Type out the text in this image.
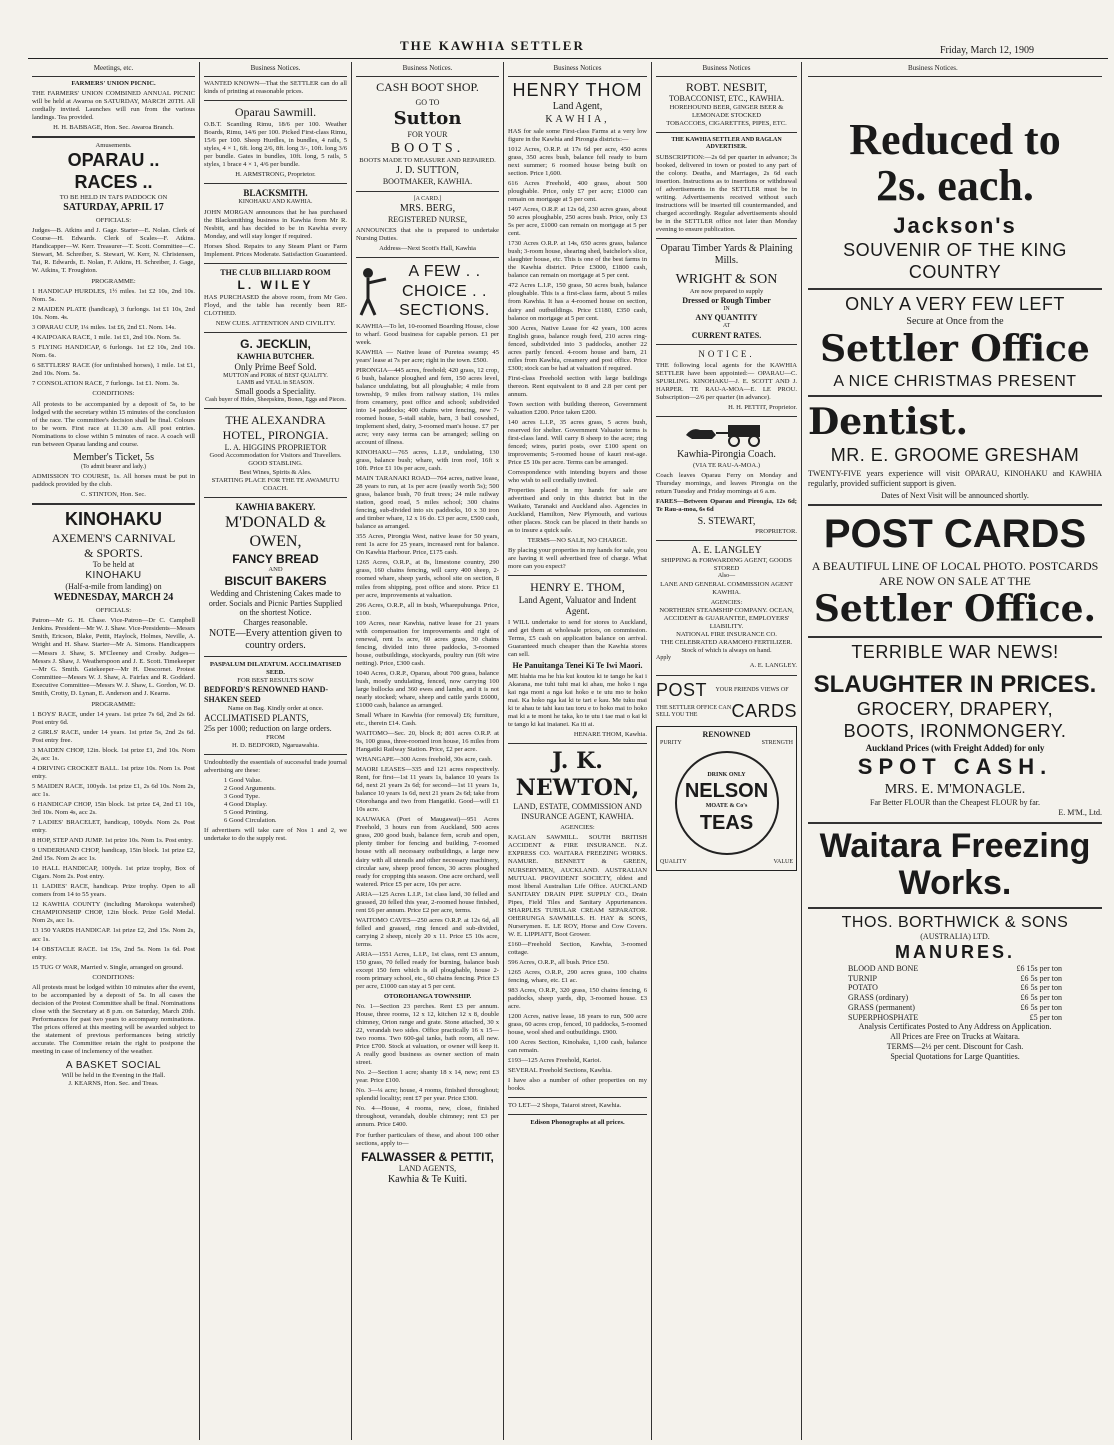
THE KAWHIA SETTLER	Friday, March 12, 1909
Meetings, etc.
FARMERS' UNION PICNIC.
THE FARMERS' UNION COMBINED ANNUAL PICNIC will be held at Awaroa on SATURDAY, MARCH 20TH. All cordially invited. Launches will run from the various landings. Tea provided.
H. H. BABBAGE, Hon. Sec. Awaroa Branch.
Amusements.
OPARAU ..
RACES ..
TO BE HELD IN TAI'S PADDOCK ON
SATURDAY, APRIL 17
OFFICIALS:
Judges—B. Atkins and J. Gage. Starter—E. Nolan. Clerk of Course—H. Edwards. Clerk of Scales—F. Atkins. Handicapper—W. Kerr. Treasurer—T. Scott. Committee—C. Stewart, M. Schreiber, S. Stewart, W. Kerr, N. Christensen, Tai, R. Edwards, E. Nolan, F. Atkins, H. Schreiber, J. Gage, W. Atkins, T. Froughton.
PROGRAMME:
1 HANDICAP HURDLES, 1½ miles. 1st £2 10s, 2nd 10s. Nom. 5s.
2 MAIDEN PLATE (handicap), 3 furlongs. 1st £1 10s, 2nd 10s. Nom. 4s.
3 OPARAU CUP, 1¼ miles. 1st £6, 2nd £1. Nom. 14s.
4 KAIPOAKA RACE, 1 mile. 1st £1, 2nd 10s. Nom. 5s.
5 FLYING HANDICAP, 6 furlongs. 1st £2 10s, 2nd 10s. Nom. 6s.
6 SETTLERS' RACE (for unfinished horses), 1 mile. 1st £1, 2nd 10s. Nom. 5s.
7 CONSOLATION RACE, 7 furlongs. 1st £1. Nom. 3s.
CONDITIONS:
All protests to be accompanied by a deposit of 5s, to be lodged with the secretary within 15 minutes of the conclusion of the race. The committee's decision shall be final. Colours to be worn. First race at 11.30 a.m. All post entries. Nominations to close within 5 minutes of race. A coach will run between Oparau landing and course.
Member's Ticket, 5s
(To admit bearer and lady.)
ADMISSION TO COURSE, 1s. All horses must be put in paddock provided by the club.
C. STINTON, Hon. Sec.
KINOHAKU
AXEMEN'S CARNIVAL
& SPORTS.
To be held at
KINOHAKU
(Half-a-mile from landing) on
WEDNESDAY, MARCH 24
OFFICIALS:
Patron—Mr G. H. Chase. Vice-Patron—Dr C. Campbell Jenkins. President—Mr W. J. Shaw. Vice-Presidents—Messrs Smith, Ericson, Blake, Pettit, Haylock, Holmes, Neville, A. Wright and H. Shaw. Starter—Mr A. Simons. Handicappers—Messrs J. Shaw, S. M'Cleeney and Crosby. Judges—Messrs J. Shaw, J. Weatherspoon and J. E. Scott. Timekeeper—Mr G. Smith. Gatekeeper—Mr H. Descornet. Protest Committee—Messrs W. J. Shaw, A. Fairfax and R. Goddard. Executive Committee—Messrs W. J. Shaw, L. Gordon, W. D. Smith, Crotty, D. Lynan, E. Anderson and J. Kearns.
PROGRAMME:
1 BOYS' RACE, under 14 years. 1st prize 7s 6d, 2nd 2s 6d. Post entry 6d.
2 GIRLS' RACE, under 14 years. 1st prize 5s, 2nd 2s 6d. Post entry free.
3 MAIDEN CHOP, 12in. block. 1st prize £1, 2nd 10s. Nom 2s, acc 1s.
4 DRIVING CROCKET BALL. 1st prize 10s. Nom 1s. Post entry.
5 MAIDEN RACE, 100yds. 1st prize £1, 2s 6d 10s. Nom 2s, acc 1s.
6 HANDICAP CHOP, 15in block. 1st prize £4, 2nd £1 10s, 3rd 10s. Nom 4s, acc 2s.
7 LADIES' BRACELET, handicap, 100yds. Nom 2s. Post entry.
8 HOP, STEP AND JUMP. 1st prize 10s. Nom 1s. Post entry.
9 UNDERHAND CHOP, handicap, 15in block. 1st prize £2, 2nd 15s. Nom 2s acc 1s.
10 HALL HANDICAP, 100yds. 1st prize trophy, Box of Cigars. Nom 2s. Post entry.
11 LADIES' RACE, handicap. Prize trophy. Open to all comers from 14 to 55 years.
12 KAWHIA COUNTY (including Marokopa watershed) CHAMPIONSHIP CHOP, 12in block. Prize Gold Medal. Nom 2s, acc 1s.
13 150 YARDS HANDICAP. 1st prize £2, 2nd 15s. Nom 2s, acc 1s.
14 OBSTACLE RACE. 1st 15s, 2nd 5s. Nom 1s 6d. Post entry.
15 TUG O' WAR, Married v. Single, arranged on ground.
CONDITIONS:
All protests must be lodged within 10 minutes after the event, to be accompanied by a deposit of 5s. In all cases the decision of the Protest Committee shall be final. Nominations close with the Secretary at 8 p.m. on Saturday, March 20th. Performances for past two years to accompany nominations. The prices offered at this meeting will be awarded subject to the statement of previous performances being strictly accurate. The Committee retain the right to postpone the meeting in case of inclemency of the weather.
A BASKET SOCIAL
Will be held in the Evening in the Hall.
J. KEARNS, Hon. Sec. and Treas.
Business Notices.
WANTED KNOWN—That the SETTLER can do all kinds of printing at reasonable prices.
Oparau Sawmill.
O.B.T. Scantling Rimu, 18/6 per 100. Weather Boards, Rimu, 14/6 per 100. Picked First-class Rimu, 15/6 per 100. Sheep Hurdles, in bundles, 4 rails, 5 styles, 4 × 1, 6ft. long 2/6, 8ft. long 3/-, 10ft. long 3/6 per bundle. Gates in bundles, 10ft. long, 5 rails, 5 styles, 1 brace 4 × 1, 4/6 per bundle.
H. ARMSTRONG, Proprietor.
BLACKSMITH.
KINOHAKU AND KAWHIA.
JOHN MORGAN announces that he has purchased the Blacksmithing business in Kawhia from Mr R. Nesbitt, and has decided to be in Kawhia every Monday, and will stay longer if required.
Horses Shod. Repairs to any Steam Plant or Farm Implement. Prices Moderate. Satisfaction Guaranteed.
THE CLUB BILLIARD ROOM
L. WILEY
HAS PURCHASED the above room, from Mr Geo. Floyd, and the table has recently been RE-CLOTHED.
NEW CUES. ATTENTION AND CIVILITY.
G. JECKLIN,
KAWHIA BUTCHER.
Only Prime Beef Sold.
MUTTON and PORK of BEST QUALITY.
LAMB and VEAL in SEASON.
Small goods a Speciality.
Cash buyer of Hides, Sheepskins, Bones, Eggs and Pieces.
THE ALEXANDRA HOTEL, PIRONGIA.
L. A. HIGGINS PROPRIETOR
Good Accommodation for Visitors and Travellers.
GOOD STABLING.
Best Wines, Spirits & Ales.
STARTING PLACE FOR THE TE AWAMUTU COACH.
KAWHIA BAKERY.
M'DONALD & OWEN,
FANCY BREAD
AND
BISCUIT BAKERS
Wedding and Christening Cakes made to order. Socials and Picnic Parties Supplied on the shortest Notice.
Charges reasonable.
NOTE—Every attention given to country orders.
PASPALUM DILATATUM. ACCLIMATISED SEED.
FOR BEST RESULTS SOW
BEDFORD'S RENOWNED HAND-SHAKEN SEED
Name on Bag. Kindly order at once.
ACCLIMATISED PLANTS,
25s per 1000; reduction on large orders.
FROM
H. D. BEDFORD, Ngaruawahia.
Undoubtedly the essentials of successful trade journal advertising are these:
1 Good Value.
2 Good Arguments.
3 Good Type.
4 Good Display.
5 Good Printing.
6 Good Circulation.
If advertisers will take care of Nos 1 and 2, we undertake to do the supply rest.
Business Notices.
CASH BOOT SHOP.
GO TO
Sutton
FOR YOUR
BOOTS.
BOOTS MADE TO MEASURE AND REPAIRED.
J. D. SUTTON,
BOOTMAKER, KAWHIA.
[A CARD.]
MRS. BERG,
REGISTERED NURSE,
ANNOUNCES that she is prepared to undertake Nursing Duties.
Address—Next Scott's Hall, Kawhia
A FEW . .
CHOICE . .
SECTIONS.
KAWHIA—To let, 10-roomed Boarding House, close to wharf. Good business for capable person. £1 per week.
KAWHIA — Native lease of Puretea swamp; 45 years' lease at 7s per acre; right in the town. £500.
PIRONGIA—445 acres, freehold; 420 grass, 12 crop, 6 bush, balance ploughed and fern, 150 acres level, balance undulating, but all ploughable; 4 mile from township, 9 miles from railway station, 1¼ miles from creamery, post office and school; subdivided into 14 paddocks; 400 chains wire fencing, new 7-roomed house, 5-stall stable, barn, 3 bail cowshed, implement shed, dairy, 3-roomed man's house. £7 per acre; very easy terms can be arranged; selling on account of illness.
KINOHAKU—765 acres, L.I.P., undulating, 130 grass, balance bush; whare, with iron roof, 16ft x 10ft. Price £1 10s per acre, cash.
MAIN TARANAKI ROAD—764 acres, native lease, 28 years to run, at 1s per acre (easily worth 5s); 500 grass, balance bush, 70 fruit trees; 24 mile railway station, good road, 5 miles school; 300 chains fencing, sub-divided into six paddocks, 10 x 30 iron and timber whare, 12 x 16 do. £3 per acre, £500 cash, balance as arranged.
355 Acres, Pirongia West, native lease for 50 years, rent 1s acre for 25 years, increased rent for balance. On Kawhia Harbour. Price, £175 cash.
1265 Acres, O.R.P., at 8s, limestone country, 290 grass, 160 chains fencing, will carry 400 sheep, 2-roomed whare, sheep yards, school site on section, 8 miles from shipping, post office and store. Price £1 per acre, improvements at valuation.
296 Acres, O.R.P., all in bush, Wharepuhunga. Price, £100.
109 Acres, near Kawhia, native lease for 21 years with compensation for improvements and right of renewal, rent 1s acre, 60 acres grass, 30 chains fencing, divided into three paddocks, 3-roomed house, outbuildings, stockyards, poultry run (6ft wire netting). Price, £300 cash.
1040 Acres, O.R.P., Oparau, about 700 grass, balance bush, mostly undulating, fenced, now carrying 100 large bullocks and 360 ewes and lambs, and it is not nearly stocked; whare, sheep and cattle yards £6000, £1000 cash, balance as arranged.
Small Whare in Kawhia (for removal) £6; furniture, etc., therein £14. Cash.
WAITOMO—Sec. 20, block 8; 801 acres O.R.P. at 9s, 100 grass, three-roomed iron house, 16 miles from Hangatiki Railway Station. Price, £2 per acre.
WHANGAPE—300 Acres freehold, 30s acre, cash.
MAORI LEASES—335 and 121 acres respectively. Rent, for first—1st 11 years 1s, balance 10 years 1s 6d, next 21 years 2s 6d; for second—1st 11 years 1s, balance 10 years 1s 6d, next 21 years 2s 6d; take from Otorohanga and two from Hangatiki. Good—will £1 10s acre.
KAUWAKA (Port of Maugawai)—951 Acres Freehold, 3 hours run from Auckland, 500 acres grass, 200 good bush, balance fern, scrub and open, plenty timber for fencing and building, 7-roomed house with all necessary outbuildings, a large new dairy with all utensils and other necessary machinery, circular saw, sheep proof fences, 30 acres ploughed ready for cropping this season. One acre orchard, well watered. Price £5 per acre, 10s per acre.
ARIA—125 Acres L.I.P., 1st class land, 30 felled and grassed, 20 felled this year, 2-roomed house finished, rent £6 per annum. Price £2 per acre, terms.
WAITOMO CAVES—250 acres O.R.P. at 12s 6d, all felled and grassed, ring fenced and sub-divided, carrying 2 sheep, nicely 20 x 11. Price £5 10s acre, terms.
ARIA—1551 Acres, L.I.P., 1st class, rent £3 annum, 150 grass, 70 felled ready for burning, balance bush except 150 fern which is all ploughable, house 2-room primary school, etc., 60 chains fencing. Price £3 per acre, £1000 can stay at 5 per cent.
OTOROHANGA TOWNSHIP.
No. 1—Section 23 perches. Rent £3 per annum. House, three rooms, 12 x 12, kitchen 12 x 8, double chimney, Orion range and grate. Stone attached, 30 x 22, verandah two sides. Office practically 16 x 15—two rooms. Two 600-gal tanks, bath room, all new. Price £700. Stock at valuation, or owner will keep it. A really good business as owner section of main street.
No. 2—Section 1 acre; shanty 18 x 14, new; rent £3 year. Price £100.
No. 3—¼ acre; house, 4 rooms, finished throughout; splendid locality; rent £7 per year. Price £300.
No. 4—House, 4 rooms, new, close, finished throughout, verandah, double chimney; rent £3 per annum. Price £400.
For further particulars of these, and about 100 other sections, apply to—
FALWASSER & PETTIT,
LAND AGENTS,
Kawhia & Te Kuiti.
Business Notices
HENRY THOM
Land Agent,
KAWHIA,
HAS for sale some First-class Farms at a very low figure in the Kawhia and Pirongia districts:—
1012 Acres, O.R.P. at 17s 6d per acre, 450 acres grass, 350 acres bush, balance fell ready to burn next summer; 6 roomed house being built on section. Price 1,600.
616 Acres Freehold, 400 grass, about 500 ploughable. Price, only £7 per acre; £1000 can remain on mortgage at 5 per cent.
1497 Acres, O.R.P. at 12s 6d, 230 acres grass, about 50 acres ploughable, 250 acres bush. Price, only £3 5s per acre, £1000 can remain on mortgage at 5 per cent.
1730 Acres O.R.P. at 14s, 650 acres grass, balance bush; 3-room house, shearing shed, batchelor's slice, slaughter house, etc. This is one of the best farms in the Kawhia district. Price £3000, £1800 cash, balance can remain on mortgage at 5 per cent.
472 Acres L.I.P., 150 grass, 50 acres bush, balance ploughable. This is a first-class farm, about 5 miles from Kawhia. It has a 4-roomed house on section, dairy and outbuildings. Price £1180, £350 cash, balance on mortgage at 5 per cent.
300 Acres, Native Lease for 42 years, 100 acres English grass, balance rough feed, 210 acres ring-fenced, subdivided into 3 paddocks, another 22 acres partly fenced. 4-room house and barn, 21 miles from Kawhia, creamery and post office. Price £300; stock can be had at valuation if required.
First-class Freehold section with large buildings thereon. Rent equivalent to 8 and 2.8 per cent per annum.
Town section with building thereon, Government valuation £200. Price taken £200.
140 acres L.I.P., 35 acres grass, 5 acres bush, reserved for shelter. Government Valuator terms is first-class land. Will carry 8 sheep to the acre; ring fenced; wires, puriri posts, over £100 spent on improvements; 5-roomed house of kauri rest-age. Price £5 10s per acre. Terms can be arranged.
Correspondence with intending buyers and those who wish to sell cordially invited.
Properties placed in my hands for sale are advertised and only in this district but in the Waikato, Taranaki and Auckland also. Agencies in Auckland, Hamilton, New Plymouth, and various other places. Stock can be placed in their hands so as to insure a quick sale.
TERMS—NO SALE, NO CHARGE.
By placing your properties in my hands for sale, you are having it well advertised free of charge. What more can you expect?
HENRY E. THOM,
Land Agent, Valuator and Indent Agent.
I WILL undertake to send for stores to Auckland, and get them at wholesale prices, on commission. Terms, £5 cash on application balance on arrival. Guaranteed much cheaper than the Kawhia stores can sell.
He Panuitanga Tenei Ki Te Iwi Maori.
ME hiahia ma he hia kui koutou ki te tango he kai i Akarana, me tuhi tuhi mai ki ahau, me hoko i nga kai nga moni a nga kai hoko e te utu mo te hoko mai. Ka hoko nga kai ki te tari e kau. Me tuku mai ki te ahau te tahi kau tau toru e to hoko mai to hoko mai ki a te moni he taka, ko te utu i tae mai o kai ki te tango ki kai inaianei. Ka iti ai.
HENARE THOM, Kawhia.
J. K. NEWTON,
LAND, ESTATE, COMMISSION AND INSURANCE AGENT, KAWHIA.
AGENCIES:
KAGLAN SAWMILL. SOUTH BRITISH ACCIDENT & FIRE INSURANCE. N.Z. EXPRESS CO. WAITARA FREEZING WORKS. NAMURE. BENNETT & GREEN, NURSERYMEN, AUCKLAND. AUSTRALIAN MUTUAL PROVIDENT SOCIETY, oldest and most liberal Australian Life Office. AUCKLAND SANITARY DRAIN PIPE SUPPLY CO., Drain Pipes, Field Tiles and Sanitary Appurtenances. SHARPLES TUBULAR CREAM SEPARATOR. OHERUNGA SAWMILLS. H. HAY & SONS, Nurserymen. E. LE ROY, Horse and Cow Covers. W. E. LIPPIATT, Boot Grower.
£160—Freehold Section, Kawhia, 3-roomed cottage.
596 Acres, O.R.P., all bush. Price £50.
1265 Acres, O.R.P., 290 acres grass, 100 chains fencing, whare, etc. £1 ac.
983 Acres, O.R.P., 320 grass, 150 chains fencing, 6 paddocks, sheep yards, dip, 3-roomed house. £3 acre.
1200 Acres, native lease, 18 years to run, 500 acre grass, 60 acres crop, fenced, 10 paddocks, 5-roomed house, wool shed and outbuildings. £900.
100 Acres Section, Kinohaku, 1,100 cash, balance can remain.
£193—125 Acres Freehold, Karioi.
SEVERAL Freehold Sections, Kawhia.
I have also a number of other properties on my books.
TO LET—2 Shops, Taiaroi street, Kawhia.
Edison Phonographs at all prices.
Business Notices
ROBT. NESBIT,
TOBACCONIST, ETC., KAWHIA.
HOREHOUND BEER, GINGER BEER & LEMONADE STOCKED
TOBACCOES, CIGARETTES, PIPES, ETC.
THE KAWHIA SETTLER AND RAGLAN ADVERTISER.
SUBSCRIPTION:—2s 6d per quarter in advance; 3s booked, delivered in town or posted to any part of the colony. Deaths, and Marriages, 2s 6d each insertion. Instructions as to insertions or withdrawal of advertisements in the SETTLER must be in writing. Advertisements received without such instructions will be inserted till countermanded, and charged accordingly. Regular advertisements should be in the SETTLER office not later than Monday evening to ensure publication.
Oparau Timber Yards & Plaining Mills.
WRIGHT & SON
Are now prepared to supply
Dressed or Rough Timber
IN
ANY QUANTITY
AT
CURRENT RATES.
NOTICE.
THE following local agents for the KAWHIA SETTLER have been appointed:— OPARAU—C. SPURLING. KINOHAKU—J. E. SCOTT AND J. HARPER. TE RAU-A-MOA—E. LE PROU. Subscription—2/6 per quarter (in advance).
H. H. PETTIT, Proprietor.
Kawhia-Pirongia Coach.
(VIA TE RAU-A-MOA.)
Coach leaves Oparau Ferry on Monday and Thursday mornings, and leaves Pirongia on the return Tuesday and Friday mornings at 6 a.m.
FARES—Between Oparau and Pirongia, 12s 6d; Te Rau-a-moa, 6s 6d
S. STEWART,
PROPRIETOR.
A. E. LANGLEY
SHIPPING & FORWARDING AGENT, GOODS STORED
Also—
LANE AND GENERAL COMMISSION AGENT KAWHIA.
AGENCIES:
NORTHERN STEAMSHIP COMPANY. OCEAN, ACCIDENT & GUARANTEE, EMPLOYERS' LIABILITY.
NATIONAL FIRE INSURANCE CO.
THE CELEBRATED ARAMOHO FERTILIZER.
Stock of which is always on hand.
Apply
A. E. LANGLEY.
POST	YOUR FRIENDS VIEWS OF
THE SETTLER OFFICE CAN SELL YOU THE	CARDS
RENOWNED
PURITY	STRENGTH
DRINK ONLY
NELSON
MOATE & Co's
TEAS
QUALITY	VALUE
Business Notices.
Reduced to
2s. each.
Jackson's
SOUVENIR OF THE KING COUNTRY
ONLY A VERY FEW LEFT
Secure at Once from the
Settler Office
A NICE CHRISTMAS PRESENT
Dentist.
MR. E. GROOME GRESHAM
TWENTY-FIVE years experience will visit OPARAU, KINOHAKU and KAWHIA regularly, provided sufficient support is given.
Dates of Next Visit will be announced shortly.
POST CARDS
A BEAUTIFUL LINE OF LOCAL PHOTO. POSTCARDS ARE NOW ON SALE AT THE
Settler Office.
TERRIBLE WAR NEWS!
SLAUGHTER IN PRICES.
GROCERY, DRAPERY,
BOOTS, IRONMONGERY.
Auckland Prices (with Freight Added) for only
SPOT CASH.
MRS. E. M'MONAGLE.
Far Better FLOUR than the Cheapest FLOUR by far.
E. M'M., Ltd.
Waitara Freezing Works.
THOS. BORTHWICK & SONS
(AUSTRALIA) LTD.
MANURES.
BLOOD AND BONE	£6 15s per ton
TURNIP	£6 5s per ton
POTATO	£6 5s per ton
GRASS (ordinary)	£6 5s per ton
GRASS (permanent)	£6 5s per ton
SUPERPHOSPHATE	£5 per ton
Analysis Certificates Posted to Any Address on Application.
All Prices are Free on Trucks at Waitara.
TERMS—2½ per cent. Discount for Cash.
Special Quotations for Large Quantities.
